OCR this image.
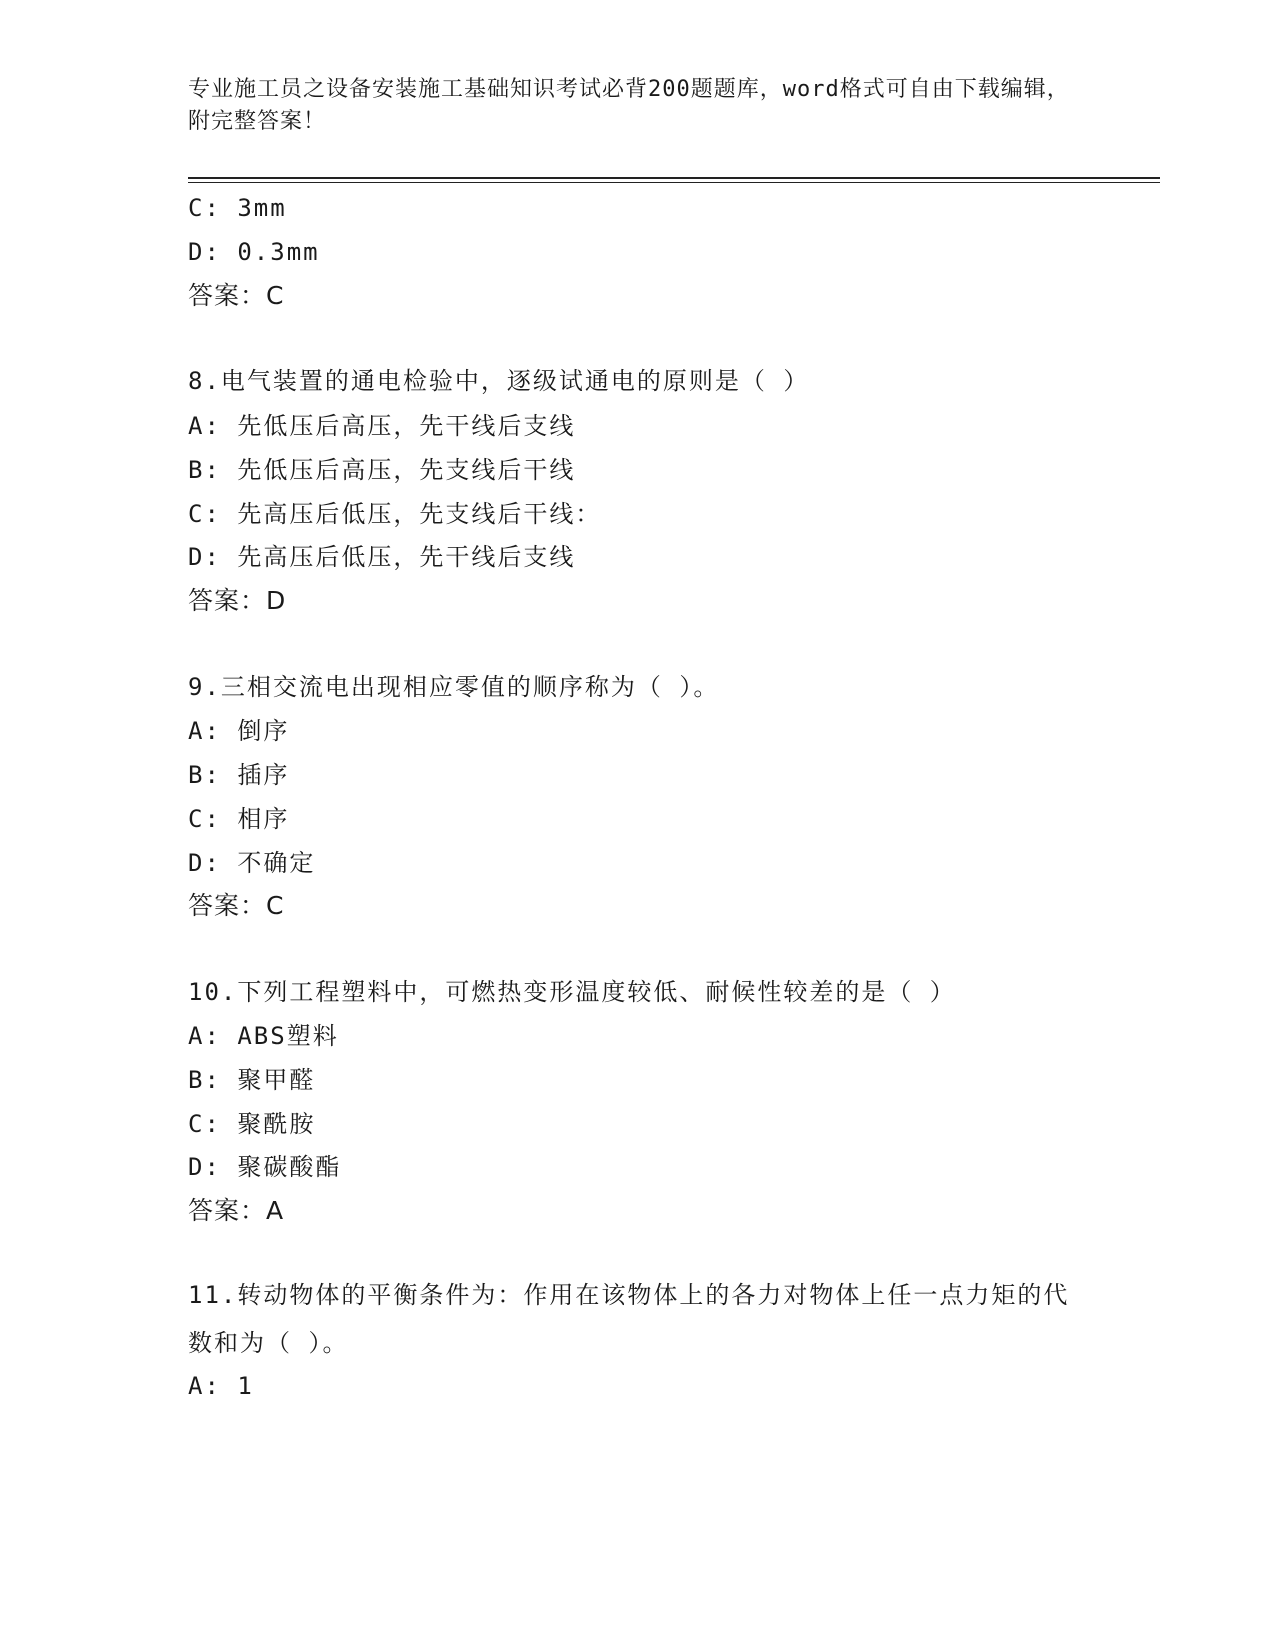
专业施工员之设备安装施工基础知识考试必背200题题库，word格式可自由下载编辑，附完整答案！
C: 3mm
D: 0.3mm
答案：C
8.电气装置的通电检验中，逐级试通电的原则是（ ）
A: 先低压后高压，先干线后支线
B: 先低压后高压，先支线后干线
C: 先高压后低压，先支线后干线：
D: 先高压后低压，先干线后支线
答案：D
9.三相交流电出现相应零值的顺序称为（ ）。
A: 倒序
B: 插序
C: 相序
D: 不确定
答案：C
10.下列工程塑料中，可燃热变形温度较低、耐候性较差的是（ ）
A: ABS塑料
B: 聚甲醛
C: 聚酰胺
D: 聚碳酸酯
答案：A
11.转动物体的平衡条件为：作用在该物体上的各力对物体上任一点力矩的代数和为（ ）。
A: 1
